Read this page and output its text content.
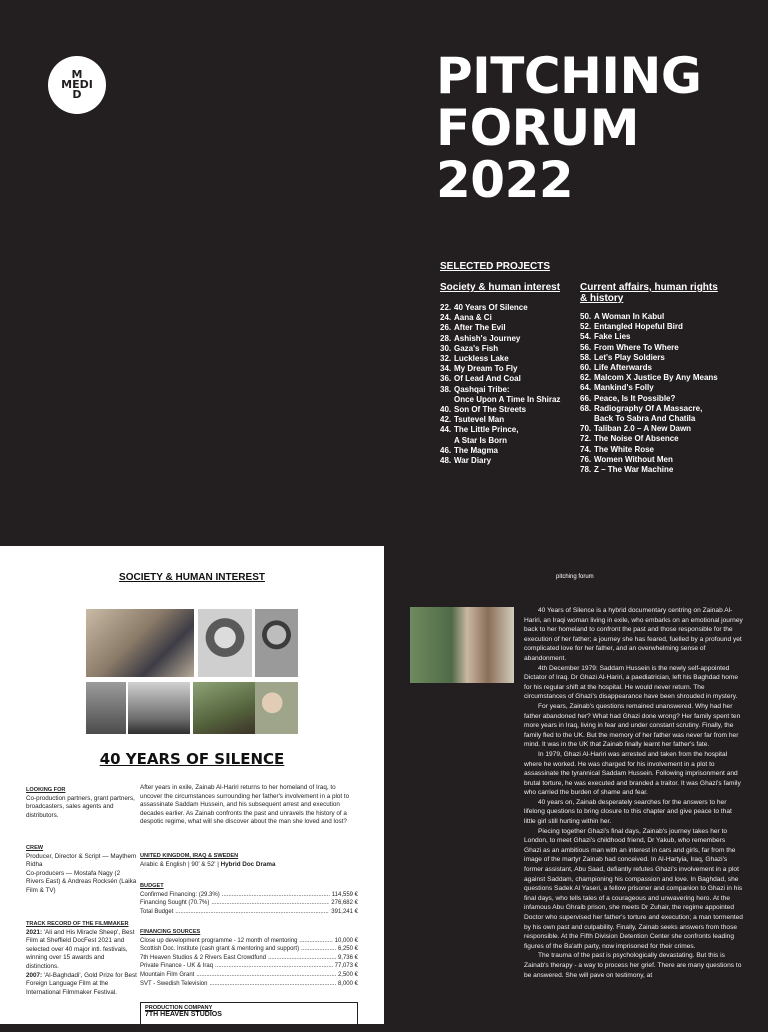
M
MEDI
D	PITCHING
FORUM
2022
SELECTED PROJECTS
Society & human interest
22. 40 Years Of Silence
24. Aana & Ci
26. After The Evil
28. Ashish's Journey
30. Gaza's Fish
32. Luckless Lake
34. My Dream To Fly
36. Of Lead And Coal
38. Qashqai Tribe:
Once Upon A Time In Shiraz
40. Son Of The Streets
42. Tsutevel Man
44. The Little Prince,
A Star Is Born
46. The Magma
48. War Diary
Current affairs, human rights
& history
50. A Woman In Kabul
52. Entangled Hopeful Bird
54. Fake Lies
56. From Where To Where
58. Let's Play Soldiers
60. Life Afterwards
62. Malcom X Justice By Any Means
64. Mankind's Folly
66. Peace, Is It Possible?
68. Radiography Of A Massacre,
Back To Sabra And Chatila
70. Taliban 2.0 – A New Dawn
72. The Noise Of Absence
74. The White Rose
76. Women Without Men
78. Z – The War Machine
SOCIETY & HUMAN INTEREST
40 YEARS OF SILENCE
LOOKING FOR
Co-production partners, grant partners, broadcasters, sales agents and distributors.
CREW
Producer, Director & Script — Maythem Ridha
Co-producers — Mostafa Nagy (2 Rivers East) & Andreas Rocksén (Laika Film & TV)
TRACK RECORD OF THE FILMMAKER
2021: 'Ali and His Miracle Sheep', Best Film at Sheffield DocFest 2021 and selected over 40 major intl. festivals, winning over 15 awards and distinctions.
2007: 'Al-Baghdadi', Gold Prize for Best Foreign Language Film at the International Filmmaker Festival.
After years in exile, Zainab Al-Hariri returns to her homeland of Iraq, to uncover the circumstances surrounding her father's involvement in a plot to assassinate Saddam Hussein, and his subsequent arrest and execution decades earlier. As Zainab confronts the past and unravels the history of a despotic regime, what will she discover about the man she loved and lost?
UNITED KINGDOM, IRAQ & SWEDEN
Arabic & English | 90' & 52' | Hybrid Doc Drama
BUDGET
Confirmed Financing: (29.3%) .....	114,559 €
Financing Sought (70.7%) .....	276,682 €
Total Budget .....	391,241 €
FINANCING SOURCES
Close up development programme - 12 month of mentoring .....	10,000 €
Scottish Doc. Institute (cash grant & mentoring and support) .....	6,250 €
7th Heaven Studios & 2 Rivers East Crowdfund .....	9,736 €
Private Finance - UK & Iraq .....	77,073 €
Mountain Film Grant .....	2,500 €
SVT - Swedish Television .....	8,000 €
PRODUCTION COMPANY
7TH HEAVEN STUDIOS
pitching forum

40 Years of Silence is a hybrid documentary centring on Zainab Al-Hariri, an Iraqi woman living in exile, who embarks on an emotional journey back to her homeland to confront the past and those responsible for the execution of her father; a journey she has feared, fuelled by a profound yet complicated love for her father, and an overwhelming sense of abandonment.

4th December 1979: Saddam Hussein is the newly self-appointed Dictator of Iraq. Dr Ghazi Al-Hariri, a paediatrician, left his Baghdad home for his regular shift at the hospital. He would never return. The circumstances of Ghazi's disappearance have been shrouded in mystery.

For years, Zainab's questions remained unanswered. Why had her father abandoned her? What had Ghazi done wrong? Her family spent ten more years in Iraq, living in fear and under constant scrutiny. Finally, the family fled to the UK. But the memory of her father was never far from her mind. It was in the UK that Zainab finally learnt her father's fate.

In 1979, Ghazi Al-Hariri was arrested and taken from the hospital where he worked. He was charged for his involvement in a plot to assassinate the tyrannical Saddam Hussein. Following imprisonment and brutal torture, he was executed and branded a traitor. It was Ghazi's family who carried the burden of shame and fear.

40 years on, Zainab desperately searches for the answers to her lifelong questions to bring closure to this chapter and give peace to that little girl still hurting within her.

Piecing together Ghazi's final days, Zainab's journey takes her to London, to meet Ghazi's childhood friend, Dr Yakub, who remembers Ghazi as an ambitious man with an interest in cars and girls, far from the image of the martyr Zainab had conceived. In Al-Hartyia, Iraq, Ghazi's former assistant, Abu Saad, defiantly refutes Ghazi's involvement in a plot against Saddam, championing his compassion and love. In Baghdad, she questions Sadek Al Yaseri, a fellow prisoner and companion to Ghazi in his final days, who tells tales of a courageous and unwavering hero. At the infamous Abu Ghraib prison, she meets Dr Zuhair, the regime appointed Doctor who supervised her father's torture and execution; a man tormented by his own past and culpability. Finally, Zainab seeks answers from those responsible. At the Fifth Division Detention Center she confronts leading figures of the Ba'ath party, now imprisoned for their crimes.

The trauma of the past is psychologically devastating. But this is Zainab's therapy - a way to process her grief. There are many questions to be answered. She will pave on testimony, at
